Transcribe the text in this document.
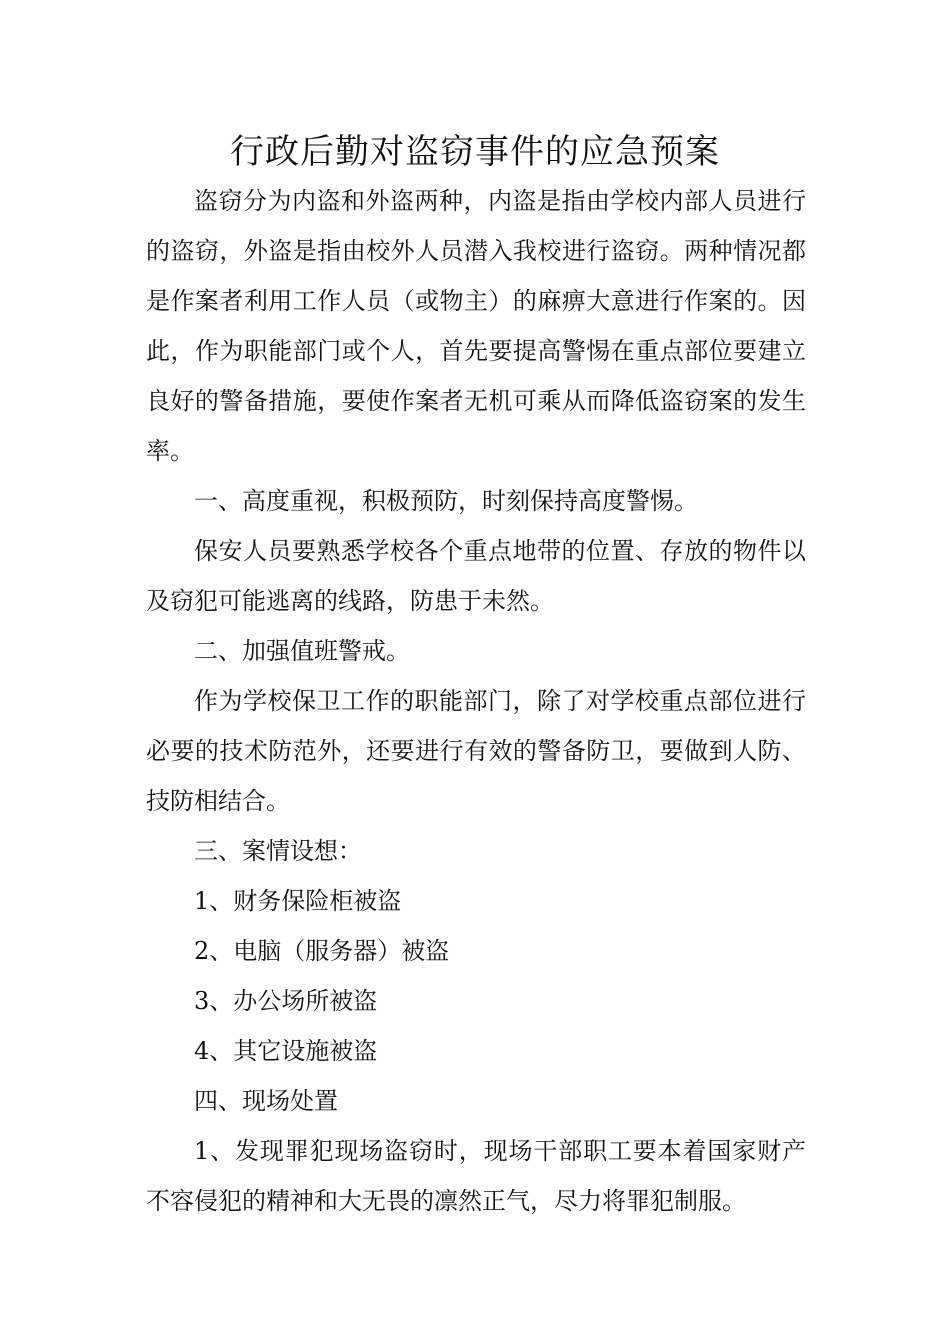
行政后勤对盗窃事件的应急预案

盗窃分为内盗和外盗两种，内盗是指由学校内部人员进行的盗窃，外盗是指由校外人员潜入我校进行盗窃。两种情况都是作案者利用工作人员（或物主）的麻痹大意进行作案的。因此，作为职能部门或个人，首先要提高警惕在重点部位要建立良好的警备措施，要使作案者无机可乘从而降低盗窃案的发生率。

一、高度重视，积极预防，时刻保持高度警惕。

保安人员要熟悉学校各个重点地带的位置、存放的物件以及窃犯可能逃离的线路，防患于未然。

二、加强值班警戒。

作为学校保卫工作的职能部门，除了对学校重点部位进行必要的技术防范外，还要进行有效的警备防卫，要做到人防、技防相结合。

三、案情设想：

1、财务保险柜被盗

2、电脑（服务器）被盗

3、办公场所被盗

4、其它设施被盗

四、现场处置

1、发现罪犯现场盗窃时，现场干部职工要本着国家财产不容侵犯的精神和大无畏的凛然正气，尽力将罪犯制服。
